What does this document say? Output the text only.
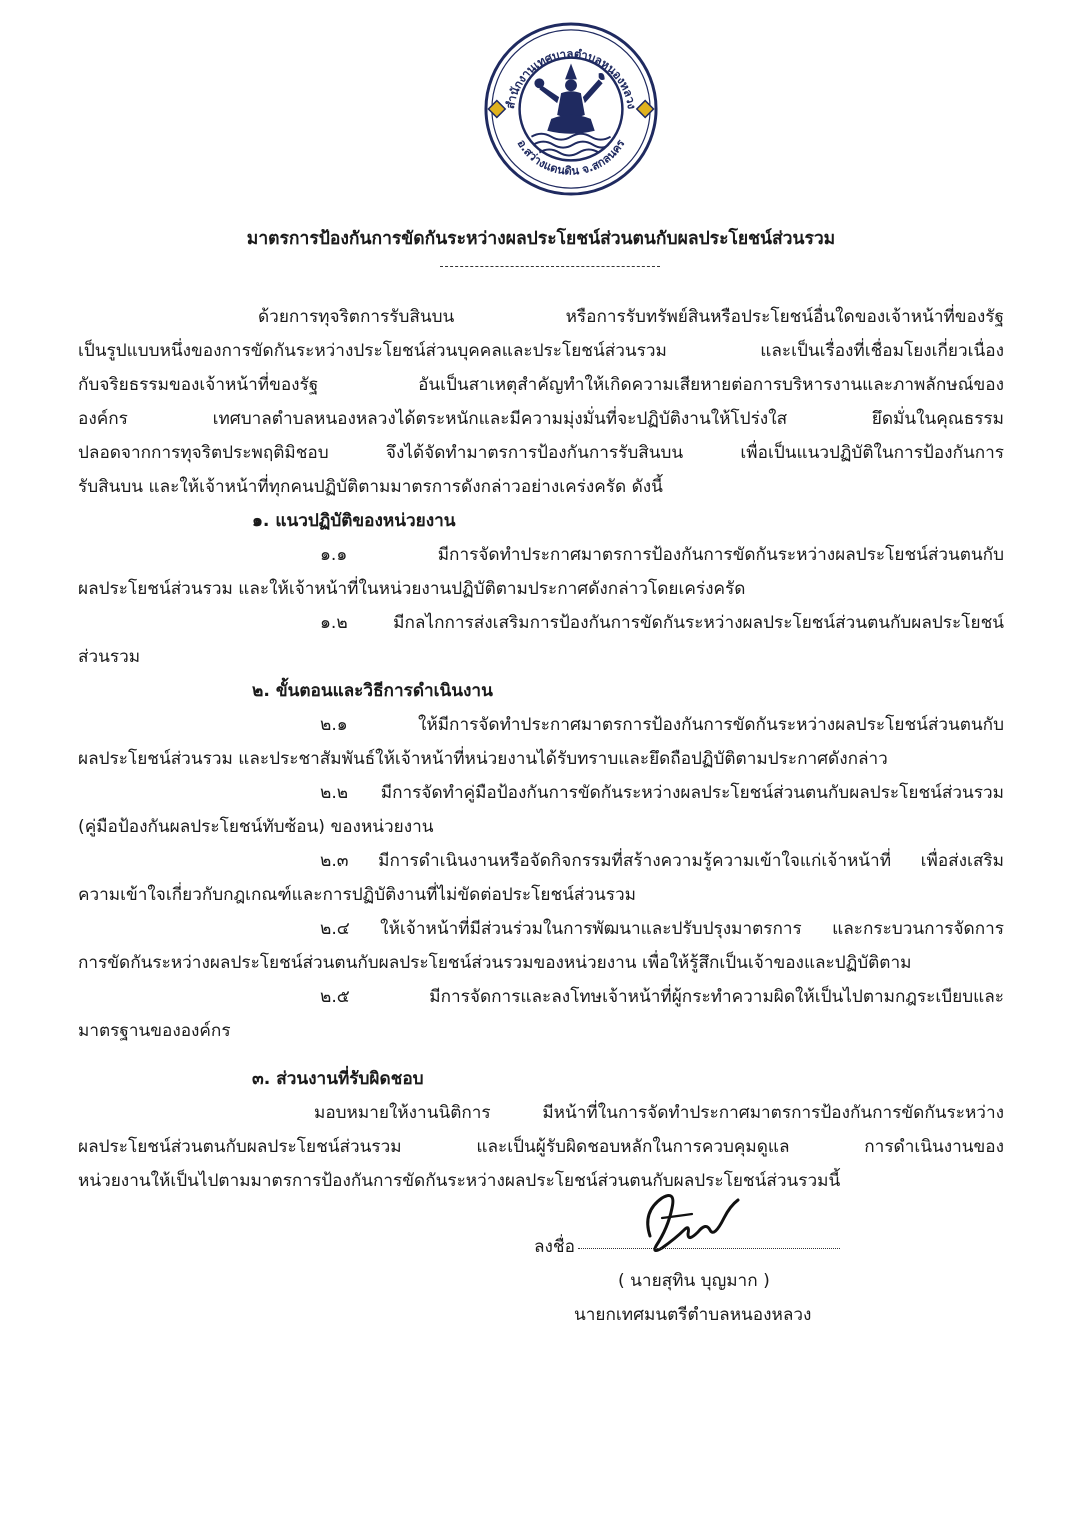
สำนักงานเทศบาลตำบลหนองหลวง
อ.สว่างแดนดิน จ.สกลนคร
มาตรการป้องกันการขัดกันระหว่างผลประโยชน์ส่วนตนกับผลประโยชน์ส่วนรวม
ด้วยการทุจริตการรับสินบน หรือการรับทรัพย์สินหรือประโยชน์อื่นใดของเจ้าหน้าที่ของรัฐ
เป็นรูปแบบหนึ่งของการขัดกันระหว่างประโยชน์ส่วนบุคคลและประโยชน์ส่วนรวม และเป็นเรื่องที่เชื่อมโยงเกี่ยวเนื่อง
กับจริยธรรมของเจ้าหน้าที่ของรัฐ อันเป็นสาเหตุสำคัญทำให้เกิดความเสียหายต่อการบริหารงานและภาพลักษณ์ของ
องค์กร เทศบาลตำบลหนองหลวงได้ตระหนักและมีความมุ่งมั่นที่จะปฏิบัติงานให้โปร่งใส ยึดมั่นในคุณธรรม
ปลอดจากการทุจริตประพฤติมิชอบ จึงได้จัดทำมาตรการป้องกันการรับสินบน เพื่อเป็นแนวปฏิบัติในการป้องกันการ
รับสินบน และให้เจ้าหน้าที่ทุกคนปฏิบัติตามมาตรการดังกล่าวอย่างเคร่งครัด ดังนี้
๑. แนวปฏิบัติของหน่วยงาน
๑.๑ มีการจัดทำประกาศมาตรการป้องกันการขัดกันระหว่างผลประโยชน์ส่วนตนกับ
ผลประโยชน์ส่วนรวม และให้เจ้าหน้าที่ในหน่วยงานปฏิบัติตามประกาศดังกล่าวโดยเคร่งครัด
๑.๒ มีกลไกการส่งเสริมการป้องกันการขัดกันระหว่างผลประโยชน์ส่วนตนกับผลประโยชน์
ส่วนรวม
๒. ขั้นตอนและวิธีการดำเนินงาน
๒.๑ ให้มีการจัดทำประกาศมาตรการป้องกันการขัดกันระหว่างผลประโยชน์ส่วนตนกับ
ผลประโยชน์ส่วนรวม และประชาสัมพันธ์ให้เจ้าหน้าที่หน่วยงานได้รับทราบและยึดถือปฏิบัติตามประกาศดังกล่าว
๒.๒ มีการจัดทำคู่มือป้องกันการขัดกันระหว่างผลประโยชน์ส่วนตนกับผลประโยชน์ส่วนรวม
(คู่มือป้องกันผลประโยชน์ทับซ้อน) ของหน่วยงาน
๒.๓ มีการดำเนินงานหรือจัดกิจกรรมที่สร้างความรู้ความเข้าใจแก่เจ้าหน้าที่ เพื่อส่งเสริม
ความเข้าใจเกี่ยวกับกฎเกณฑ์และการปฏิบัติงานที่ไม่ขัดต่อประโยชน์ส่วนรวม
๒.๔ ให้เจ้าหน้าที่มีส่วนร่วมในการพัฒนาและปรับปรุงมาตรการ และกระบวนการจัดการ
การขัดกันระหว่างผลประโยชน์ส่วนตนกับผลประโยชน์ส่วนรวมของหน่วยงาน เพื่อให้รู้สึกเป็นเจ้าของและปฏิบัติตาม
๒.๕ มีการจัดการและลงโทษเจ้าหน้าที่ผู้กระทำความผิดให้เป็นไปตามกฎระเบียบและ
มาตรฐานขององค์กร
๓. ส่วนงานที่รับผิดชอบ
มอบหมายให้งานนิติการ มีหน้าที่ในการจัดทำประกาศมาตรการป้องกันการขัดกันระหว่าง
ผลประโยชน์ส่วนตนกับผลประโยชน์ส่วนรวม และเป็นผู้รับผิดชอบหลักในการควบคุมดูแล การดำเนินงานของ
หน่วยงานให้เป็นไปตามมาตรการป้องกันการขัดกันระหว่างผลประโยชน์ส่วนตนกับผลประโยชน์ส่วนรวมนี้
ลงชื่อ
( นายสุทิน บุญมาก )
นายกเทศมนตรีตำบลหนองหลวง
